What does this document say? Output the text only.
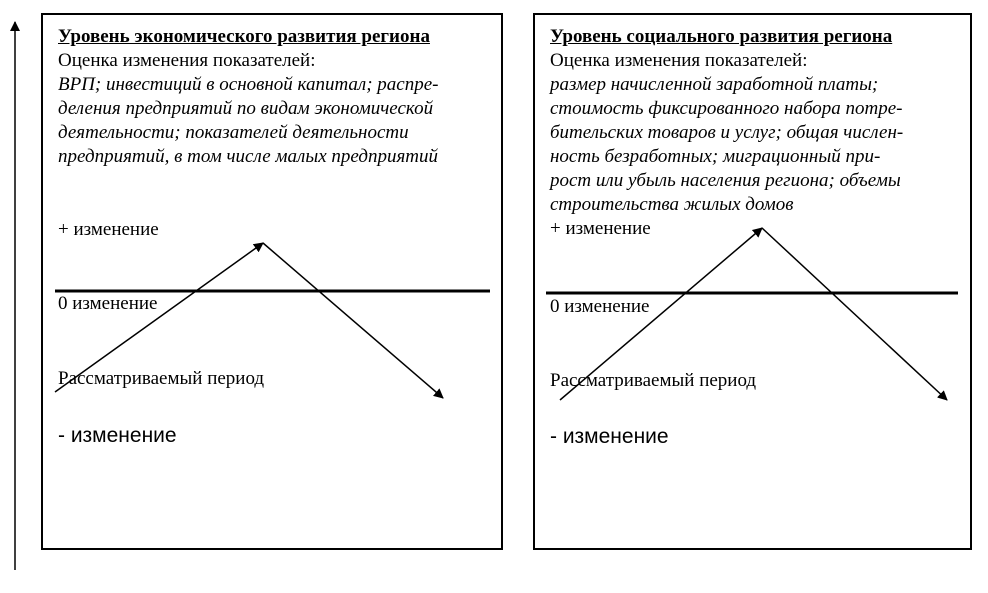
Уровень экономического развития региона
Оценка изменения показателей:
ВРП; инвестиций в основной капитал; распре-
деления предприятий по видам экономической
деятельности; показателей деятельности
предприятий, в том числе малых предприятий
+ изменение
0 изменение
Рассматриваемый период
- изменение
Уровень социального развития региона
Оценка изменения показателей:
размер начисленной заработной платы;
стоимость фиксированного набора потре-
бительских товаров и услуг; общая числен-
ность безработных; миграционный при-
рост или убыль населения региона; объемы
строительства жилых домов
+ изменение
0 изменение
Рассматриваемый период
- изменение
